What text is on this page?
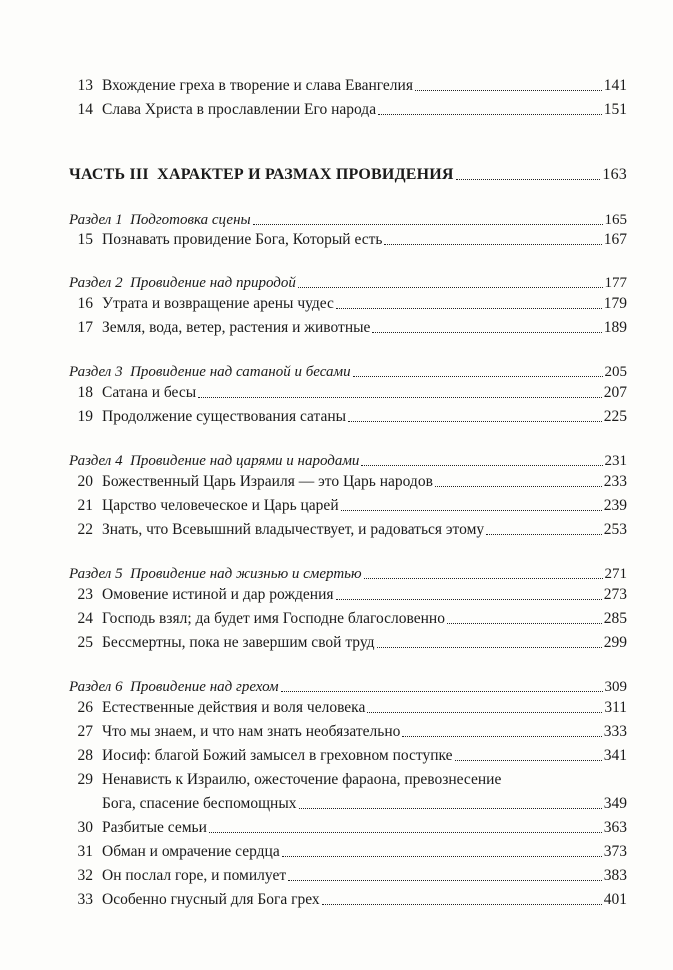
13 Вхождение греха в творение и слава Евангелия	141
14 Слава Христа в прославлении Его народа	151
ЧАСТЬ III  ХАРАКТЕР И РАЗМАХ ПРОВИДЕНИЯ	163
Раздел 1  Подготовка сцены	165
15 Познавать провидение Бога, Который есть	167
Раздел 2  Провидение над природой	177
16 Утрата и возвращение арены чудес	179
17 Земля, вода, ветер, растения и животные	189
Раздел 3  Провидение над сатаной и бесами	205
18 Сатана и бесы	207
19 Продолжение существования сатаны	225
Раздел 4  Провидение над царями и народами	231
20 Божественный Царь Израиля — это Царь народов	233
21 Царство человеческое и Царь царей	239
22 Знать, что Всевышний владычествует, и радоваться этому	253
Раздел 5  Провидение над жизнью и смертью	271
23 Омовение истиной и дар рождения	273
24 Господь взял; да будет имя Господне благословенно	285
25 Бессмертны, пока не завершим свой труд	299
Раздел 6  Провидение над грехом	309
26 Естественные действия и воля человека	311
27 Что мы знаем, и что нам знать необязательно	333
28 Иосиф: благой Божий замысел в греховном поступке	341
29 Ненависть к Израилю, ожесточение фараона, превознесение
Бога, спасение беспомощных	349
30 Разбитые семьи	363
31 Обман и омрачение сердца	373
32 Он послал горе, и помилует	383
33 Особенно гнусный для Бога грех	401
